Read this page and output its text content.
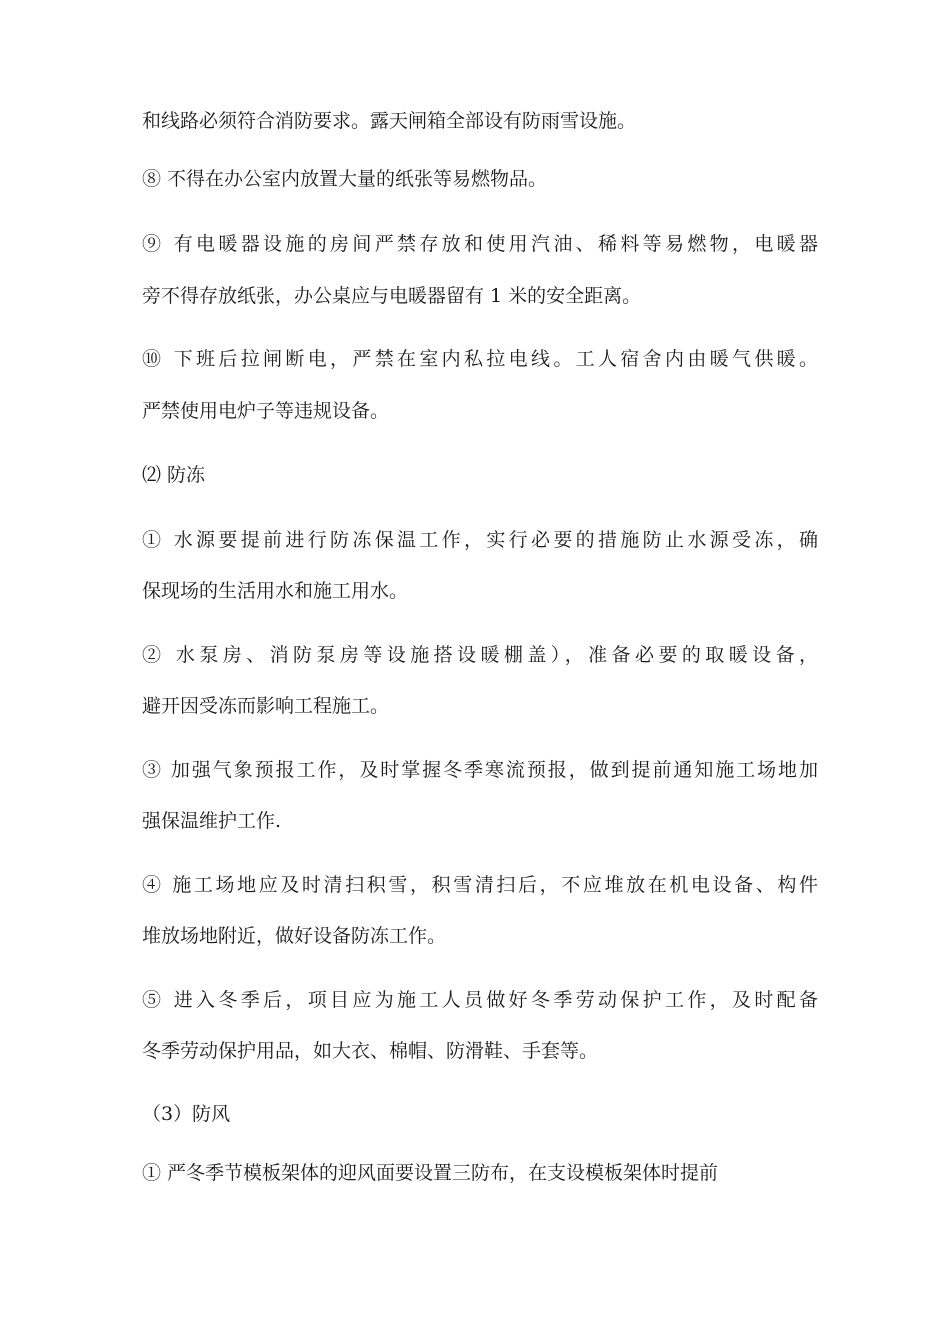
和线路必须符合消防要求。露天闸箱全部设有防雨雪设施。
⑧ 不得在办公室内放置大量的纸张等易燃物品。
⑨ 有电暖器设施的房间严禁存放和使用汽油、稀料等易燃物，电暖器
旁不得存放纸张，办公桌应与电暖器留有 1 米的安全距离。
⑩ 下班后拉闸断电，严禁在室内私拉电线。工人宿舍内由暖气供暖。
严禁使用电炉子等违规设备。
⑵ 防冻
① 水源要提前进行防冻保温工作，实行必要的措施防止水源受冻，确
保现场的生活用水和施工用水。
② 水泵房、消防泵房等设施搭设暖棚盖），准备必要的取暖设备，
避开因受冻而影响工程施工。
③ 加强气象预报工作，及时掌握冬季寒流预报，做到提前通知施工场地加
强保温维护工作.
④ 施工场地应及时清扫积雪，积雪清扫后，不应堆放在机电设备、构件
堆放场地附近，做好设备防冻工作。
⑤ 进入冬季后，项目应为施工人员做好冬季劳动保护工作，及时配备
冬季劳动保护用品，如大衣、棉帽、防滑鞋、手套等。
（3）防风
① 严冬季节模板架体的迎风面要设置三防布，在支设模板架体时提前
